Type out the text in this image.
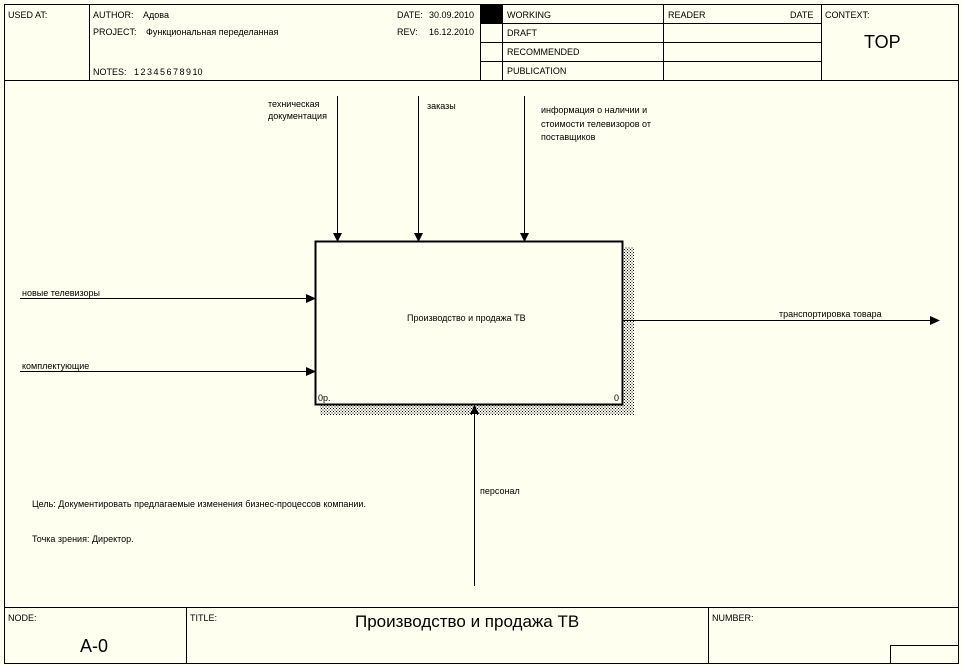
USED AT:	AUTHOR: Адова
PROJECT: Функциональная переделанная
NOTES: 1 2 3 4 5 6 7 8 9 10
DATE: 30.09.2010
REV: 16.12.2010
WORKING
DRAFT
RECOMMENDED
PUBLICATION
READER	DATE CONTEXT:
TOP
техническая
документация
заказы	информация о наличии и
стоимости телевизоров от
поставщиков
новые телевизоры
комплектующие
транспортировка товара
персонал
Производство и продажа ТВ
0р.	0
Цель: Документировать предлагаемые изменения бизнес-процессов компании.
Точка зрения: Директор.
NODE:
A-0
TITLE:	Производство и продажа ТВ	NUMBER:
